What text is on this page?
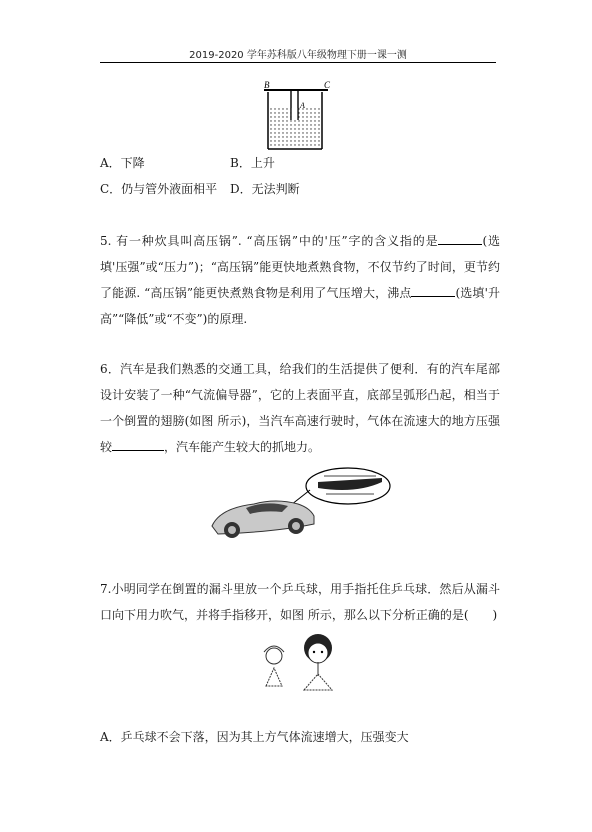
2019-2020 学年苏科版八年级物理下册一课一测
B	C
A
A．下降	B．上升
C．仍与管外液面相平 D．无法判断
5. 有一种炊具叫高压锅”. “高压锅”中的'压”字的含义指的是	(选填'压强”或“压力”)；“高压锅”能更快地煮熟食物，不仅节约了时间，更节约了能源. “高压锅”能更快煮熟食物是利用了气压增大，沸点	(选填'升高”“降低”或“不变”)的原理.
6．汽车是我们熟悉的交通工具，给我们的生活提供了便利．有的汽车尾部设计安装了一种“气流偏导器”，它的上表面平直，底部呈弧形凸起，相当于一个倒置的翅膀(如图 所示)，当汽车高速行驶时，气体在流速大的地方压强较	，汽车能产生较大的抓地力。
7.小明同学在倒置的漏斗里放一个乒乓球，用手指托住乒乓球．然后从漏斗口向下用力吹气，并将手指移开，如图 所示，那么以下分析正确的是(　　)
A．乒乓球不会下落，因为其上方气体流速增大，压强变大
